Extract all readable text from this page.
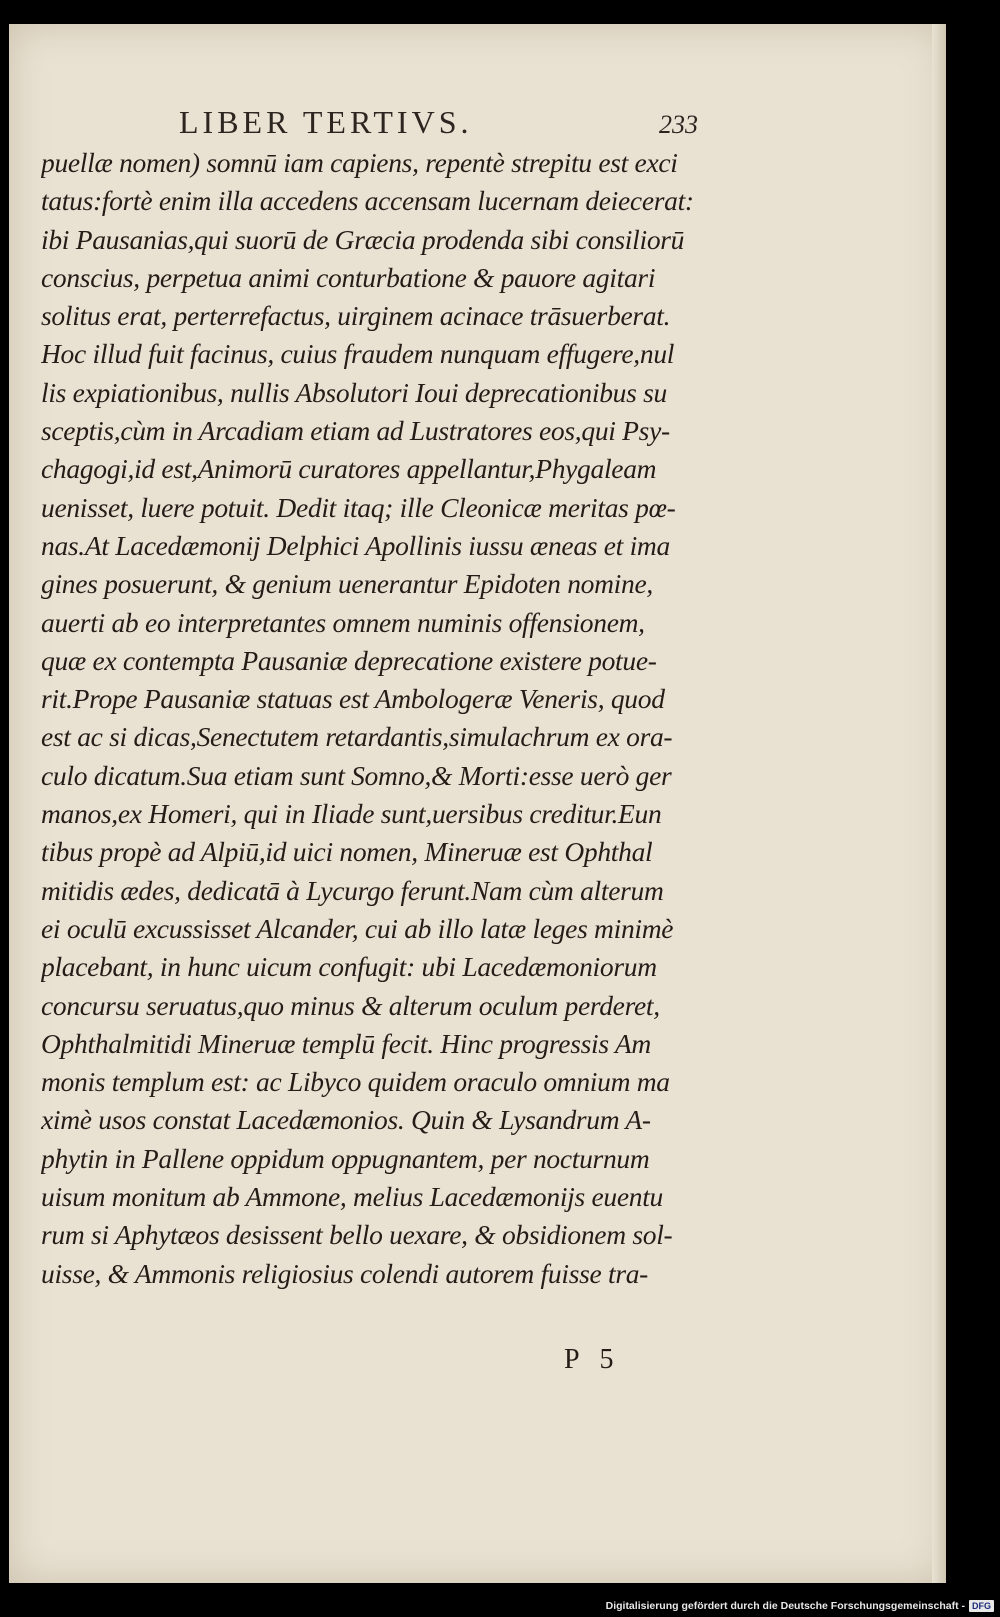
LIBER TERTIVS.	233
puellæ nomen) somnū iam capiens, repentè strepitu est exci
tatus:fortè enim illa accedens accensam lucernam deiecerat:
ibi Pausanias,qui suorū de Græcia prodenda sibi consiliorū
conscius, perpetua animi conturbatione & pauore agitari
solitus erat, perterrefactus, uirginem acinace trāsuerberat.
Hoc illud fuit facinus, cuius fraudem nunquam effugere,nul
lis expiationibus, nullis Absolutori Ioui deprecationibus su
sceptis,cùm in Arcadiam etiam ad Lustratores eos,qui Psy-
chagogi,id est,Animorū curatores appellantur,Phygaleam
uenisset, luere potuit. Dedit itaq; ille Cleonicæ meritas pœ-
nas.At Lacedæmonij Delphici Apollinis iussu æneas et ima
gines posuerunt, & genium uenerantur Epidoten nomine,
auerti ab eo interpretantes omnem numinis offensionem,
quæ ex contempta Pausaniæ deprecatione existere potue-
rit.Prope Pausaniæ statuas est Ambologeræ Veneris, quod
est ac si dicas,Senectutem retardantis,simulachrum ex ora-
culo dicatum.Sua etiam sunt Somno,& Morti:esse uerò ger
manos,ex Homeri, qui in Iliade sunt,uersibus creditur.Eun
tibus propè ad Alpiū,id uici nomen, Mineruæ est Ophthal
mitidis ædes, dedicatā à Lycurgo ferunt.Nam cùm alterum
ei oculū excussisset Alcander, cui ab illo latæ leges minimè
placebant, in hunc uicum confugit: ubi Lacedæmoniorum
concursu seruatus,quo minus & alterum oculum perderet,
Ophthalmitidi Mineruæ templū fecit. Hinc progressis Am
monis templum est: ac Libyco quidem oraculo omnium ma
ximè usos constat Lacedæmonios. Quin & Lysandrum A-
phytin in Pallene oppidum oppugnantem, per nocturnum
uisum monitum ab Ammone, melius Lacedæmonijs euentu
rum si Aphytæos desissent bello uexare, & obsidionem sol-
uisse, & Ammonis religiosius colendi autorem fuisse tra-
P   5
Digitalisierung gefördert durch die Deutsche Forschungsgemeinschaft - DFG
